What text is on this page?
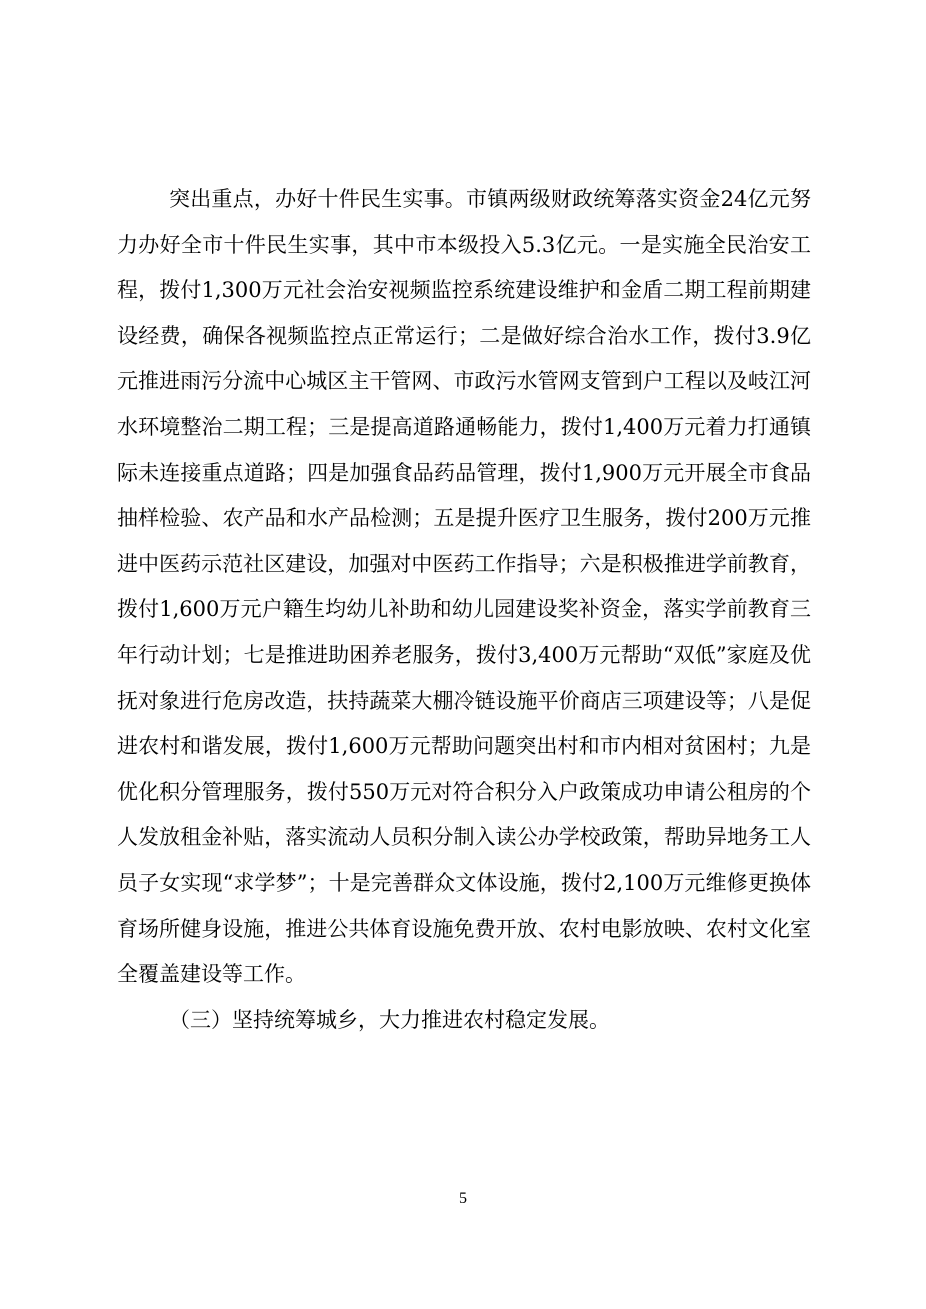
突出重点，办好十件民生实事。市镇两级财政统筹落实资金24亿元努力办好全市十件民生实事，其中市本级投入5.3亿元。一是实施全民治安工程，拨付1,300万元社会治安视频监控系统建设维护和金盾二期工程前期建设经费，确保各视频监控点正常运行；二是做好综合治水工作，拨付3.9亿元推进雨污分流中心城区主干管网、市政污水管网支管到户工程以及岐江河水环境整治二期工程；三是提高道路通畅能力，拨付1,400万元着力打通镇际未连接重点道路；四是加强食品药品管理，拨付1,900万元开展全市食品抽样检验、农产品和水产品检测；五是提升医疗卫生服务，拨付200万元推进中医药示范社区建设，加强对中医药工作指导；六是积极推进学前教育，拨付1,600万元户籍生均幼儿补助和幼儿园建设奖补资金，落实学前教育三年行动计划；七是推进助困养老服务，拨付3,400万元帮助“双低”家庭及优抚对象进行危房改造，扶持蔬菜大棚冷链设施平价商店三项建设等；八是促进农村和谐发展，拨付1,600万元帮助问题突出村和市内相对贫困村；九是优化积分管理服务，拨付550万元对符合积分入户政策成功申请公租房的个人发放租金补贴，落实流动人员积分制入读公办学校政策，帮助异地务工人员子女实现“求学梦”；十是完善群众文体设施，拨付2,100万元维修更换体育场所健身设施，推进公共体育设施免费开放、农村电影放映、农村文化室全覆盖建设等工作。

（三）坚持统筹城乡，大力推进农村稳定发展。

5
